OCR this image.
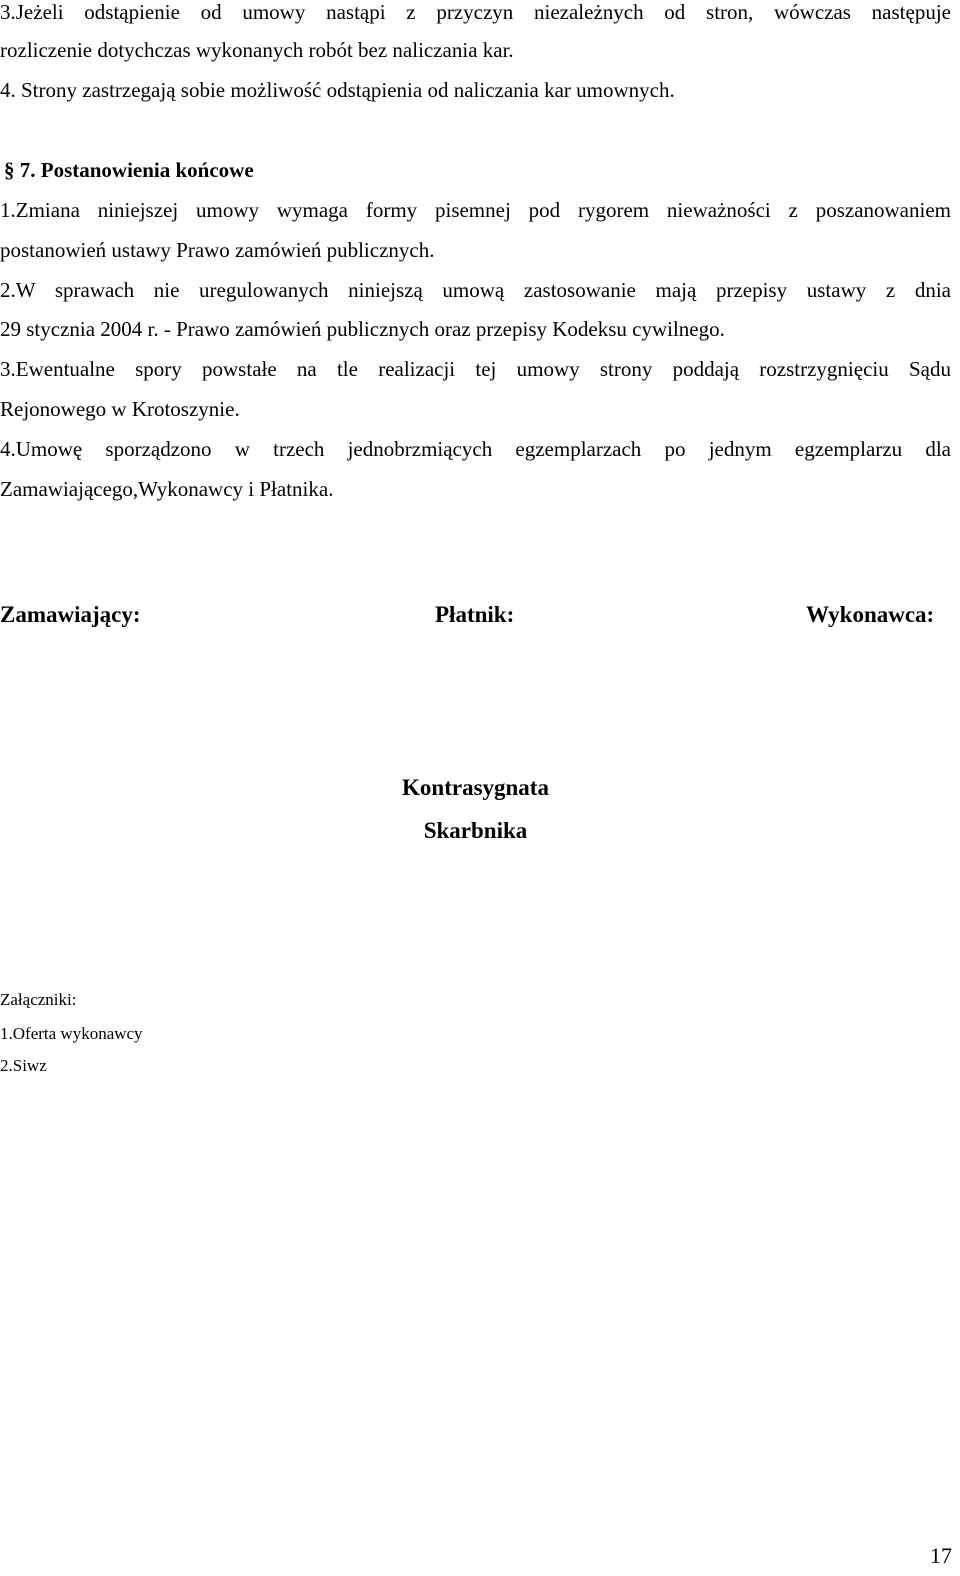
3.Jeżeli odstąpienie od umowy nastąpi z przyczyn niezależnych od stron, wówczas następuje
rozliczenie dotychczas wykonanych robót bez naliczania kar.
4. Strony zastrzegają sobie możliwość odstąpienia od naliczania kar umownych.
§ 7. Postanowienia końcowe
1.Zmiana niniejszej umowy wymaga formy pisemnej pod rygorem nieważności z poszanowaniem
postanowień ustawy Prawo zamówień publicznych.
2.W sprawach nie uregulowanych niniejszą umową zastosowanie mają przepisy ustawy z dnia
29 stycznia 2004 r. - Prawo zamówień publicznych oraz przepisy Kodeksu cywilnego.
3.Ewentualne spory powstałe na tle realizacji tej umowy strony poddają rozstrzygnięciu Sądu
Rejonowego w Krotoszynie.
4.Umowę sporządzono w trzech jednobrzmiących egzemplarzach po jednym egzemplarzu dla
Zamawiającego,Wykonawcy i Płatnika.
Zamawiający:	Płatnik:	Wykonawca:
Kontrasygnata
Skarbnika
Załączniki:
1.Oferta wykonawcy
2.Siwz
17
